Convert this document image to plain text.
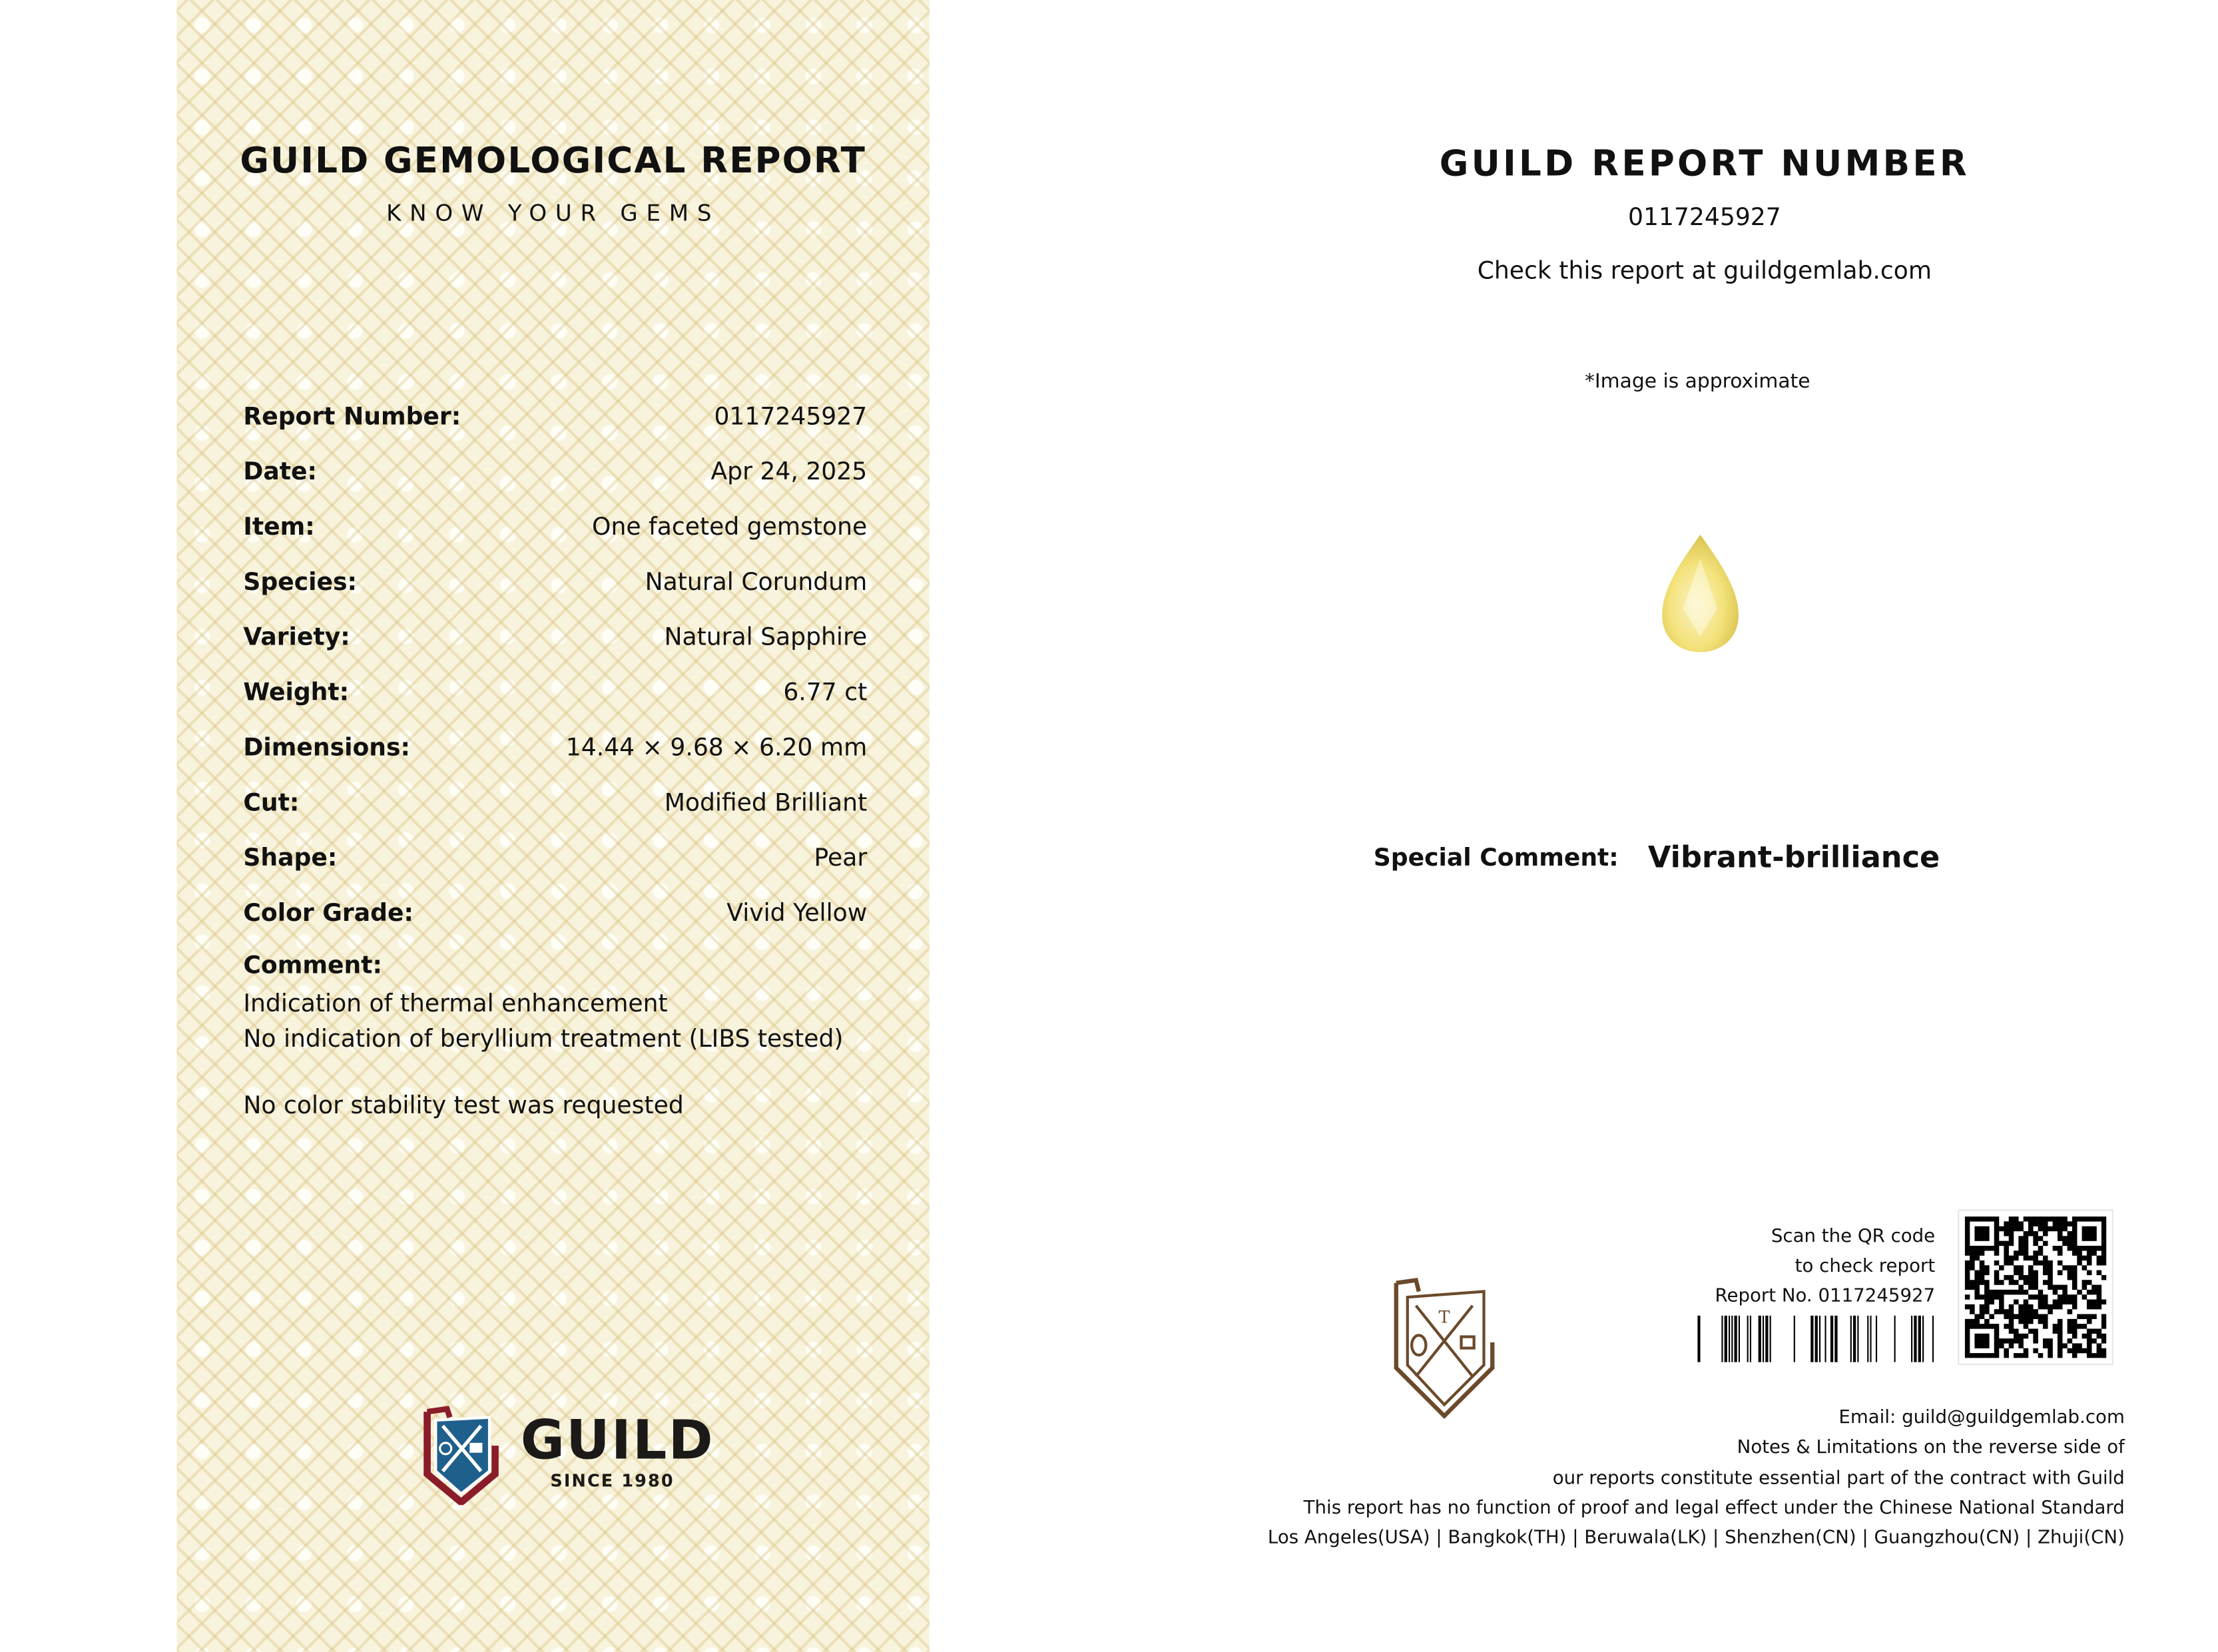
GUILD GEMOLOGICAL REPORT
KNOW YOUR GEMS
Report Number:	0117245927
Date:	Apr 24, 2025
Item:	One faceted gemstone
Species:	Natural Corundum
Variety:	Natural Sapphire
Weight:	6.77 ct
Dimensions:	14.44 × 9.68 × 6.20 mm
Cut:	Modified Brilliant
Shape:	Pear
Color Grade:	Vivid Yellow
Comment:
Indication of thermal enhancement
No indication of beryllium treatment (LIBS tested)
No color stability test was requested
GUILD
SINCE 1980
GUILD REPORT NUMBER
0117245927
Check this report at guildgemlab.com
*Image is approximate
Special Comment: Vibrant-brilliance
T
Scan the QR code
to check report
Report No. 0117245927
Email: guild@guildgemlab.com
Notes & Limitations on the reverse side of
our reports constitute essential part of the contract with Guild
This report has no function of proof and legal effect under the Chinese National Standard
Los Angeles(USA) | Bangkok(TH) | Beruwala(LK) | Shenzhen(CN) | Guangzhou(CN) | Zhuji(CN)
